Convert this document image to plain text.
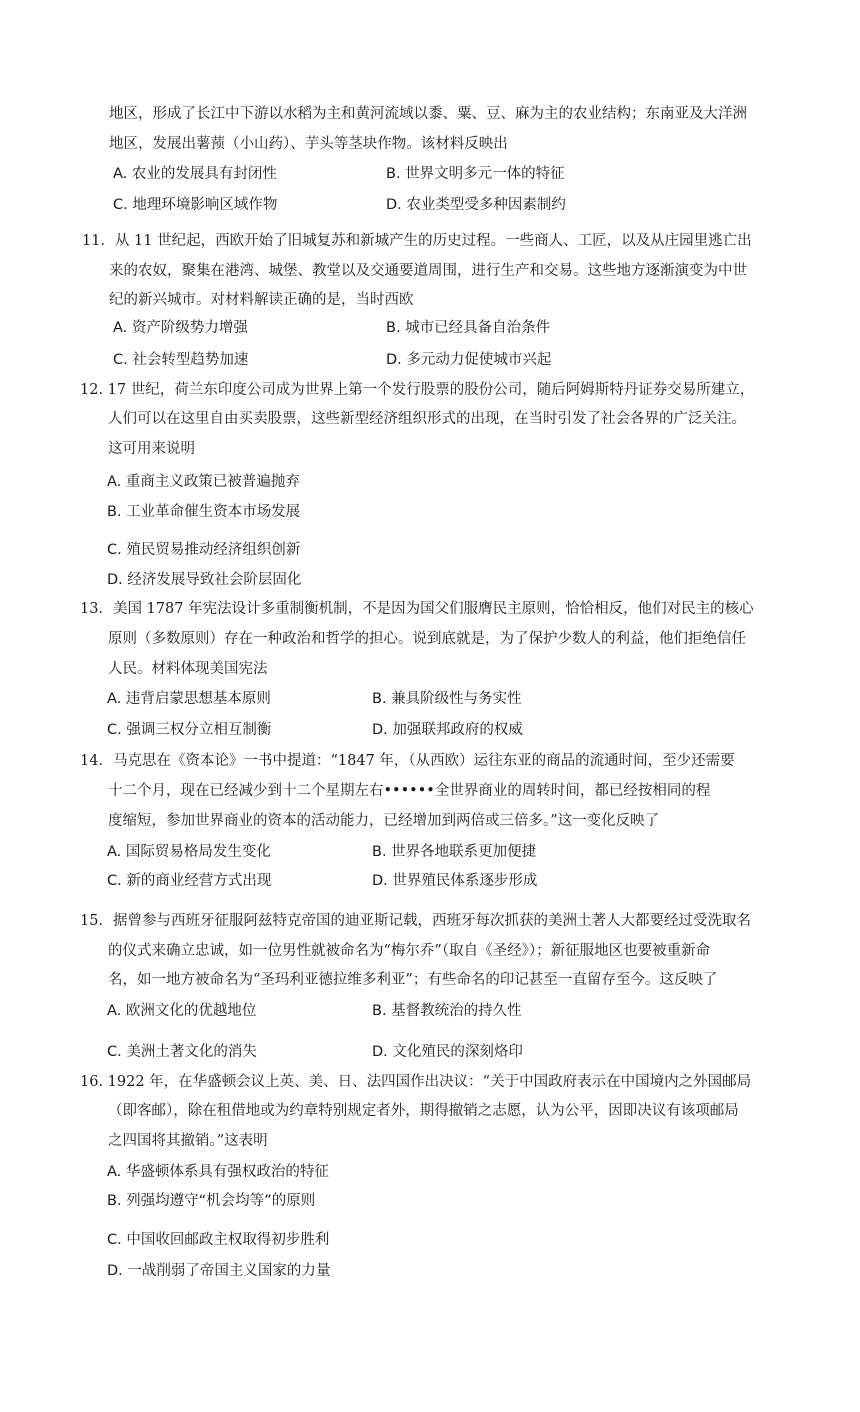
地区，形成了长江中下游以水稻为主和黄河流域以黍、粟、豆、麻为主的农业结构；东南亚及大洋洲
地区，发展出薯蓣（小山药）、芋头等茎块作物。该材料反映出
A. 农业的发展具有封闭性	B. 世界文明多元一体的特征
C. 地理环境影响区域作物	D. 农业类型受多种因素制约
11．从 11 世纪起，西欧开始了旧城复苏和新城产生的历史过程。一些商人、工匠，以及从庄园里逃亡出
来的农奴，聚集在港湾、城堡、教堂以及交通要道周围，进行生产和交易。这些地方逐渐演变为中世
纪的新兴城市。对材料解读正确的是，当时西欧
A. 资产阶级势力增强	B. 城市已经具备自治条件
C. 社会转型趋势加速	D. 多元动力促使城市兴起
12. 17 世纪，荷兰东印度公司成为世界上第一个发行股票的股份公司，随后阿姆斯特丹证券交易所建立，
人们可以在这里自由买卖股票，这些新型经济组织形式的出现，在当时引发了社会各界的广泛关注。
这可用来说明
A. 重商主义政策已被普遍抛弃
B. 工业革命催生资本市场发展
C. 殖民贸易推动经济组织创新
D. 经济发展导致社会阶层固化
13．美国 1787 年宪法设计多重制衡机制，不是因为国父们服膺民主原则，恰恰相反，他们对民主的核心
原则（多数原则）存在一种政治和哲学的担心。说到底就是，为了保护少数人的利益，他们拒绝信任
人民。材料体现美国宪法
A. 违背启蒙思想基本原则	B. 兼具阶级性与务实性
C. 强调三权分立相互制衡	D. 加强联邦政府的权威
14．马克思在《资本论》一书中提道：“1847 年，（从西欧）运往东亚的商品的流通时间，至少还需要
十二个月，现在已经减少到十二个星期左右••••••全世界商业的周转时间，都已经按相同的程
度缩短，参加世界商业的资本的活动能力，已经增加到两倍或三倍多。”这一变化反映了
A. 国际贸易格局发生变化	B. 世界各地联系更加便捷
C. 新的商业经营方式出现	D. 世界殖民体系逐步形成
15．据曾参与西班牙征服阿兹特克帝国的迪亚斯记载，西班牙每次抓获的美洲土著人大都要经过受洗取名
的仪式来确立忠诚，如一位男性就被命名为“梅尔乔”（取自《圣经》）；新征服地区也要被重新命
名，如一地方被命名为“圣玛利亚德拉维多利亚”；有些命名的印记甚至一直留存至今。这反映了
A. 欧洲文化的优越地位	B. 基督教统治的持久性
C. 美洲土著文化的消失	D. 文化殖民的深刻烙印
16. 1922 年，在华盛顿会议上英、美、日、法四国作出决议：“关于中国政府表示在中国境内之外国邮局
（即客邮），除在租借地或为约章特别规定者外，期得撤销之志愿，认为公平，因即决议有该项邮局
之四国将其撤销。”这表明
A. 华盛顿体系具有强权政治的特征
B. 列强均遵守“机会均等”的原则
C. 中国收回邮政主权取得初步胜利
D. 一战削弱了帝国主义国家的力量
